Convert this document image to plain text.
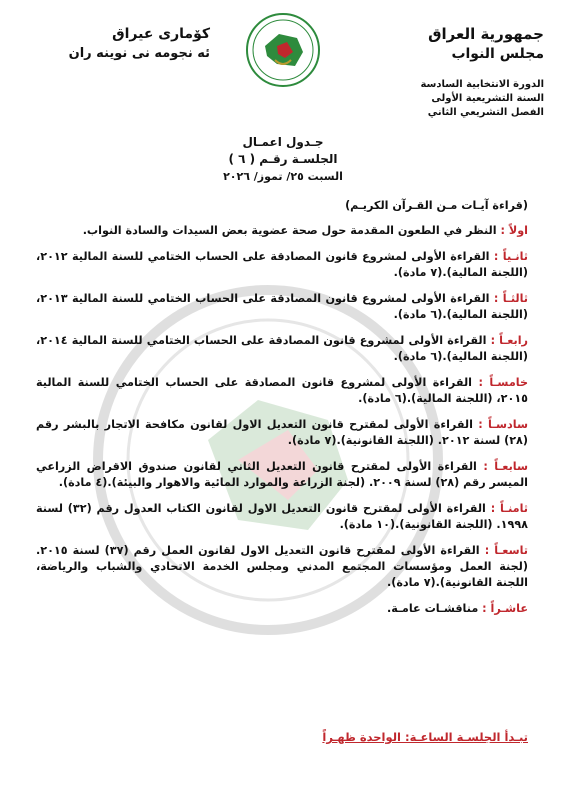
جمهورية العراق
مجلس النواب
الدورة الانتخابية السادسة
السنة التشريعية الأولى
الفصل التشريعي الثاني
كۆماری عیراق
ئه نجومه نی نوینه ران
جـدول اعمـال
الجلسـة رقـم ( ٦ )
السبت ٢٥/ تموز/ ٢٠٢٦
(قراءة آيـات مـن القـرآن الكريـم)
اولاً : النظر في الطعون المقدمة حول صحة عضوية بعض السيدات والسادة النواب.
ثانـياً : القراءة الأولى لمشروع قانون المصادقة على الحساب الختامي للسنة المالية ٢٠١٢، (اللجنة المالية).(٧ مادة).
ثالثـاً : القراءة الأولى لمشروع قانون المصادقة على الحساب الختامي للسنة المالية ٢٠١٣، (اللجنة المالية).(٦ مادة).
رابعـاً : القراءة الأولى لمشروع قانون المصادقة على الحساب الختامي للسنة المالية ٢٠١٤، (اللجنة المالية).(٦ مادة).
خامسـاً : القراءة الأولى لمشروع قانون المصادقة على الحساب الختامي للسنة المالية ٢٠١٥، (اللجنة المالية).(٦ مادة).
سادسـاً : القراءة الأولى لمقترح قانون التعديل الاول لقانون مكافحة الاتجار بالبشر رقم (٢٨) لسنة ٢٠١٢. (اللجنة القانونية).(٧ مادة).
سابعـاً : القراءة الأولى لمقترح قانون التعديل الثاني لقانون صندوق الاقراض الزراعي الميسر رقم (٢٨) لسنة ٢٠٠٩. (لجنة الزراعة والموارد المائية والاهوار والبيئة).(٤ مادة).
ثامنـاً : القراءة الأولى لمقترح قانون التعديل الاول لقانون الكتاب العدول رقم (٣٢) لسنة ١٩٩٨. (اللجنة القانونية).(١٠ مادة).
تاسعـاً : القراءة الأولى لمقترح قانون التعديل الاول لقانون العمل رقم (٣٧) لسنة ٢٠١٥. (لجنة العمل ومؤسسات المجتمع المدني ومجلس الخدمة الاتحادي والشباب والرياضة، اللجنة القانونية).(٧ مادة).
عاشـراً : مناقشـات عامـة.
تبـدأ الجلسـة الساعـة: الواحدة ظهـراً
